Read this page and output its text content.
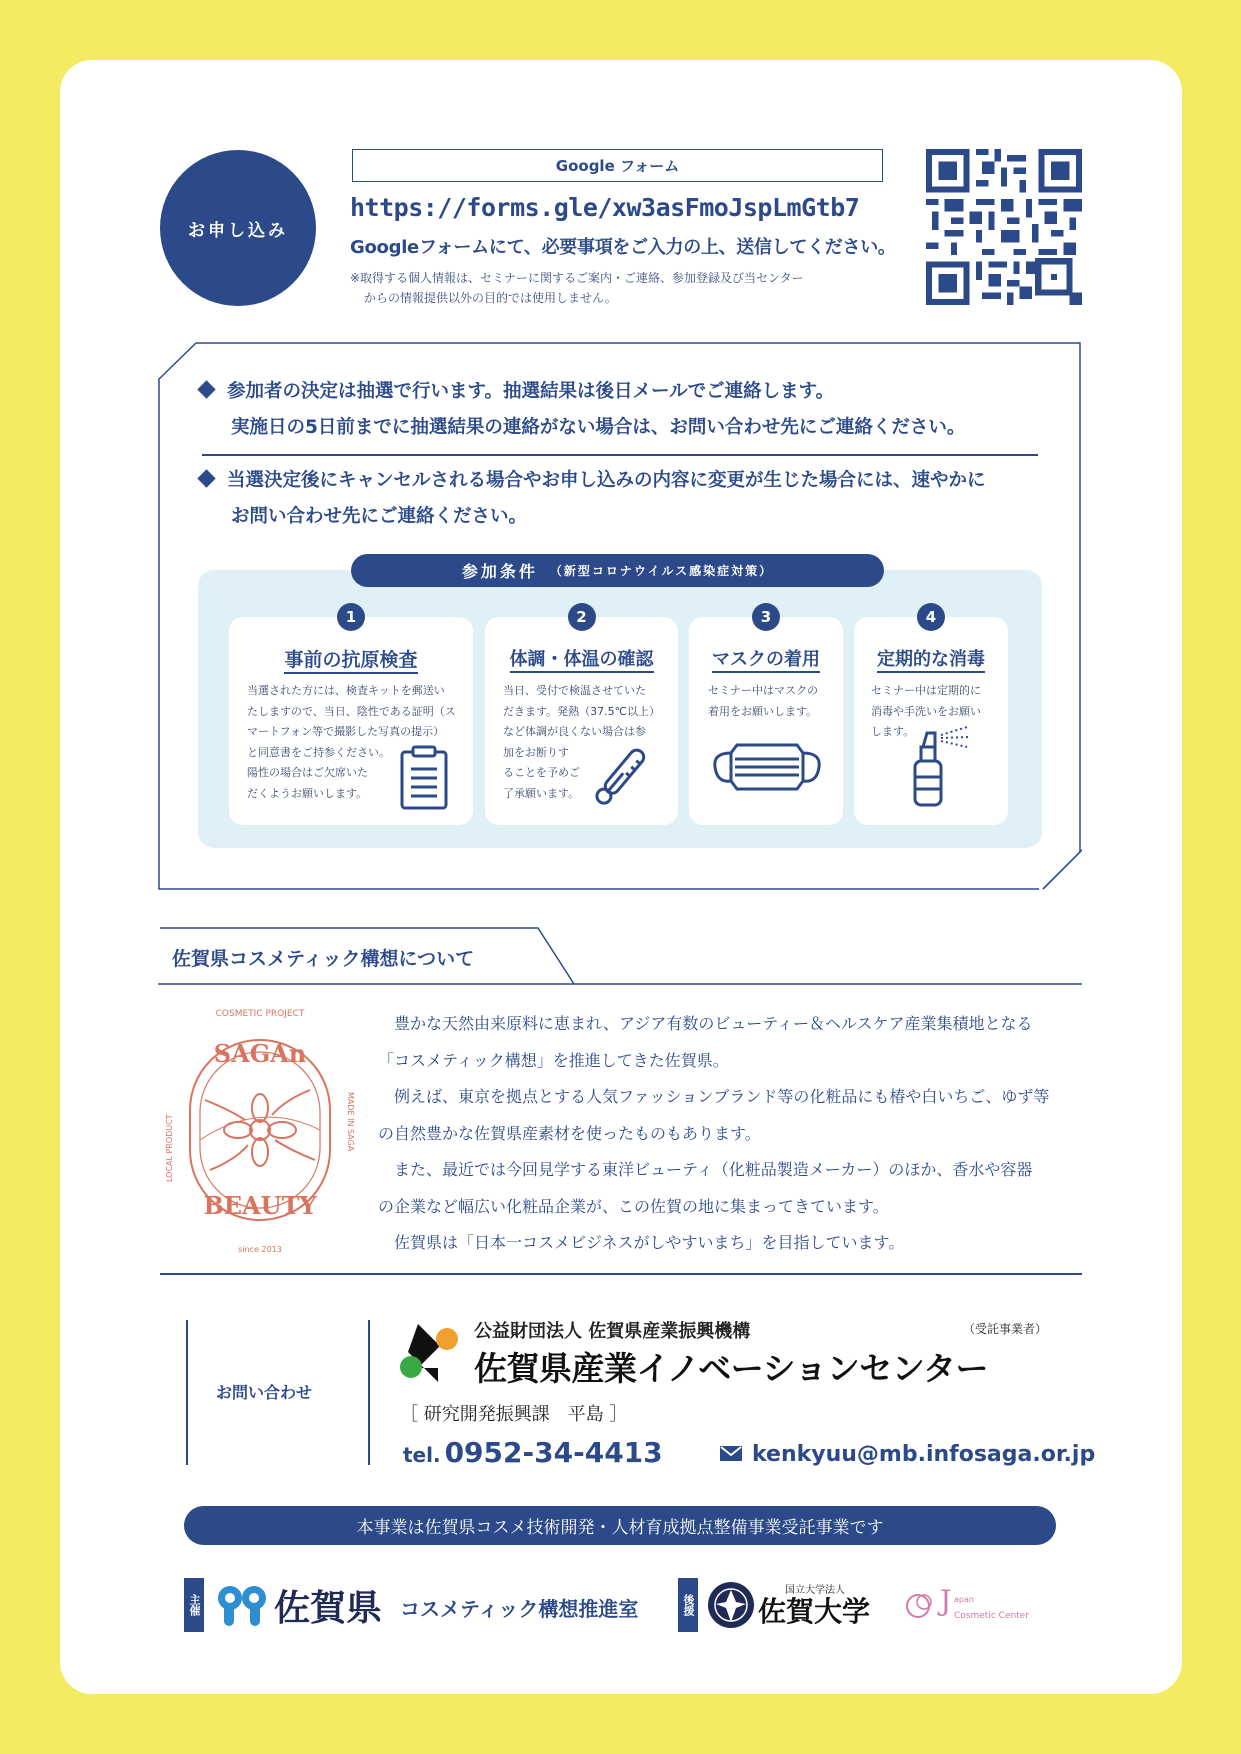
お申し込み
Google フォーム
https://forms.gle/xw3asFmoJspLmGtb7
Googleフォームにて、必要事項をご入力の上、送信してください。
※取得する個人情報は、セミナーに関するご案内・ご連絡、参加登録及び当センター
からの情報提供以外の目的では使用しません。
参加者の決定は抽選で行います。抽選結果は後日メールでご連絡します。
実施日の5日前までに抽選結果の連絡がない場合は、お問い合わせ先にご連絡ください。
当選決定後にキャンセルされる場合やお申し込みの内容に変更が生じた場合には、速やかに
お問い合わせ先にご連絡ください。
参加条件 （新型コロナウイルス感染症対策）
1
事前の抗原検査
当選された方には、検査キットを郵送い
たしますので、当日、陰性である証明（ス
マートフォン等で撮影した写真の提示）
と同意書をご持参ください。
陽性の場合はご欠席いた
だくようお願いします。
2
体調・体温の確認
当日、受付で検温させていた
だきます。発熱（37.5℃以上）
など体調が良くない場合は参
加をお断りす
ることを予めご
了承願います。
3
マスクの着用
セミナー中はマスクの
着用をお願いします。
4
定期的な消毒
セミナー中は定期的に
消毒や手洗いをお願い
します。
佐賀県コスメティック構想について
COSMETIC PROJECT
SAGAn
BEAUTY
LOCAL PRODUCT	MADE IN SAGA
since 2013
　豊かな天然由来原料に恵まれ、アジア有数のビューティー＆ヘルスケア産業集積地となる
「コスメティック構想」を推進してきた佐賀県。
　例えば、東京を拠点とする人気ファッションブランド等の化粧品にも椿や白いちご、ゆず等
の自然豊かな佐賀県産素材を使ったものもあります。
　また、最近では今回見学する東洋ビューティ（化粧品製造メーカー）のほか、香水や容器
の企業など幅広い化粧品企業が、この佐賀の地に集まってきています。
　佐賀県は「日本一コスメビジネスがしやすいまち」を目指しています。
お問い合わせ
公益財団法人 佐賀県産業振興機構	（受託事業者）
佐賀県産業イノベーションセンター
［ 研究開発振興課　平島 ］
tel. 0952-34-4413	kenkyuu@mb.infosaga.or.jp
本事業は佐賀県コスメ技術開発・人材育成拠点整備事業受託事業です
主催 佐賀県 コスメティック構想推進室	後援
国立大学法人
佐賀大学 J apan
Cosmetic Center
